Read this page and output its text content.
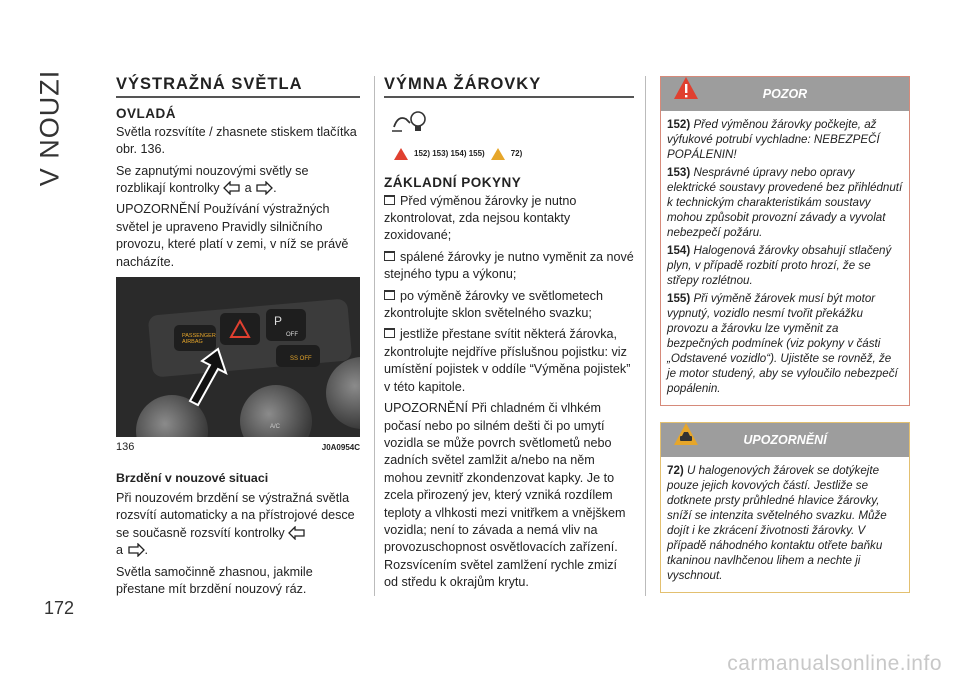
V NOUZI
172
VÝSTRAŽNÁ SVĚTLA
OVLADÁ

Světla rozsvítíte / zhasnete stiskem tlačítka obr. 136.

Se zapnutými nouzovými světly se rozblikají kontrolky a .

UPOZORNĚNÍ Používání výstražných světel je upraveno Pravidly silničního provozu, které platí v zemi, v níž se právě nacházíte.

P
OFF
PASSENGER AIRBAG
SS OFF
A/C
136	J0A0954C
Brzdění v nouzové situaci

Při nouzovém brzdění se výstražná světla rozsvítí automaticky a na přístrojové desce se současně rozsvítí kontrolky
a .

Světla samočinně zhasnou, jakmile přestane mít brzdění nouzový ráz.

VÝMNA ŽÁROVKY
152) 153) 154) 155)	72)
ZÁKLADNÍ POKYNY

Před výměnou žárovky je nutno zkontrolovat, zda nejsou kontakty zoxidované;

spálené žárovky je nutno vyměnit za nové stejného typu a výkonu;

po výměně žárovky ve světlometech zkontrolujte sklon světelného svazku;

jestliže přestane svítit některá žárovka, zkontrolujte nejdříve příslušnou pojistku: viz umístění pojistek v oddíle “Výměna pojistek” v této kapitole.

UPOZORNĚNÍ Při chladném či vlhkém počasí nebo po silném dešti či po umytí vozidla se může povrch světlometů nebo zadních světel zamlžit a/nebo na něm mohou zevnitř zkondenzovat kapky. Je to zcela přirozený jev, který vzniká rozdílem teploty a vlhkosti mezi vnitřkem a vnějškem vozidla; není to závada a nemá vliv na provozuschopnost osvětlovacích zařízení. Rozsvícením světel zamlžení rychle zmizí od středu k okrajům krytu.

POZOR

152) Před výměnou žárovky počkejte, až výfukové potrubí vychladne: NEBEZPEČÍ POPÁLENIN!

153) Nesprávné úpravy nebo opravy elektrické soustavy provedené bez přihlédnutí k technickým charakteristikám soustavy mohou způsobit provozní závady a vyvolat nebezpečí požáru.

154) Halogenová žárovky obsahují stlačený plyn, v případě rozbití proto hrozí, že se střepy rozlétnou.

155) Při výměně žárovek musí být motor vypnutý, vozidlo nesmí tvořit překážku provozu a žárovku lze vyměnit za bezpečných podmínek (viz pokyny v části „Odstavené vozidlo“). Ujistěte se rovněž, že je motor studený, aby se vyloučilo nebezpečí popálenin.

UPOZORNĚNÍ

72) U halogenových žárovek se dotýkejte pouze jejich kovových částí. Jestliže se dotknete prsty průhledné hlavice žárovky, sníží se intenzita světelného svazku. Může dojít i ke zkrácení životnosti žárovky. V případě náhodného kontaktu otřete baňku tkaninou navlhčenou lihem a nechte ji vyschnout.

carmanualsonline.info
